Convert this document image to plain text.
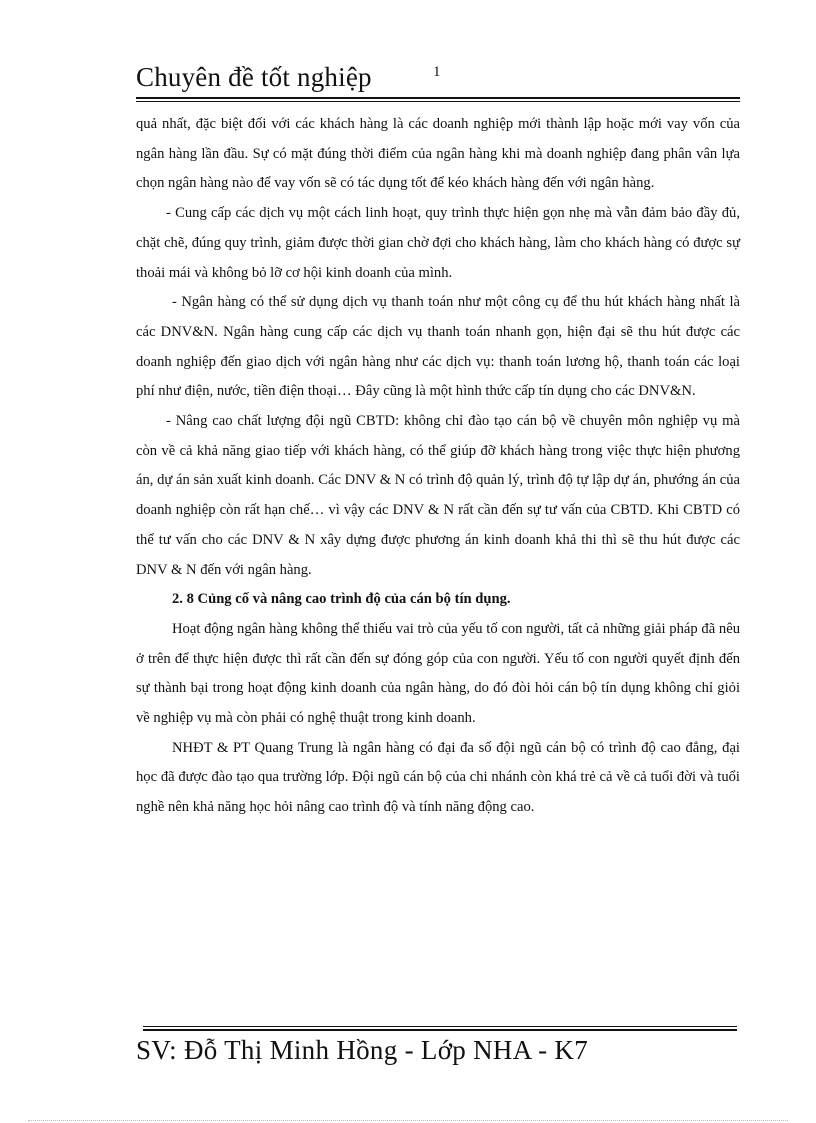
Chuyên đề tốt nghiệp	1

quả nhất, đặc biệt đối với các khách hàng là các doanh nghiệp mới thành lập hoặc mới vay vốn của ngân hàng lần đầu. Sự có mặt đúng thời điểm của ngân hàng khi mà doanh nghiệp đang phân vân lựa chọn ngân hàng nào để vay vốn sẽ có tác dụng tốt để kéo khách hàng đến với ngân hàng.

- Cung cấp các dịch vụ một cách linh hoạt, quy trình thực hiện gọn nhẹ mà vẫn đảm bảo đầy đủ, chặt chẽ, đúng quy trình, giảm được thời gian chờ đợi cho khách hàng, làm cho khách hàng có được sự thoải mái và không bỏ lỡ cơ hội kinh doanh của mình.

- Ngân hàng có thể sử dụng dịch vụ thanh toán như một công cụ để thu hút khách hàng nhất là các DNV&N. Ngân hàng cung cấp các dịch vụ thanh toán nhanh gọn, hiện đại sẽ thu hút được các doanh nghiệp đến giao dịch với ngân hàng như các dịch vụ: thanh toán lương hộ, thanh toán các loại phí như điện, nước, tiền điện thoại… Đây cũng là một hình thức cấp tín dụng cho các DNV&N.

- Nâng cao chất lượng đội ngũ CBTD: không chỉ đào tạo cán bộ về chuyên môn nghiệp vụ mà còn về cả khả năng giao tiếp với khách hàng, có thể giúp đỡ khách hàng trong việc thực hiện phương án, dự án sản xuất kinh doanh. Các DNV & N có trình độ quản lý, trình độ tự lập dự án, phướng án của doanh nghiệp còn rất hạn chế… vì vậy các DNV & N rất cần đến sự tư vấn của CBTD. Khi CBTD có thể tư vấn cho các DNV & N xây dựng được phương án kinh doanh khả thi thì sẽ thu hút được các DNV & N đến với ngân hàng.

2. 8 Củng cố và nâng cao trình độ của cán bộ tín dụng.

Hoạt động ngân hàng không thể thiếu vai trò của yếu tố con người, tất cả những giải pháp đã nêu ở trên để thực hiện được thì rất cần đến sự đóng góp của con người. Yếu tố con người quyết định đến sự thành bại trong hoạt động kinh doanh của ngân hàng, do đó đòi hỏi cán bộ tín dụng không chỉ giỏi về nghiệp vụ mà còn phải có nghệ thuật trong kinh doanh.

NHĐT & PT Quang Trung là ngân hàng có đại đa số đội ngũ cán bộ có trình độ cao đẳng, đại học đã được đào tạo qua trường lớp. Đội ngũ cán bộ của chi nhánh còn khá trẻ cả về cả tuổi đời và tuổi nghề nên khả năng học hỏi nâng cao trình độ và tính năng động cao.

SV: Đỗ Thị Minh Hồng - Lớp NHA - K7
